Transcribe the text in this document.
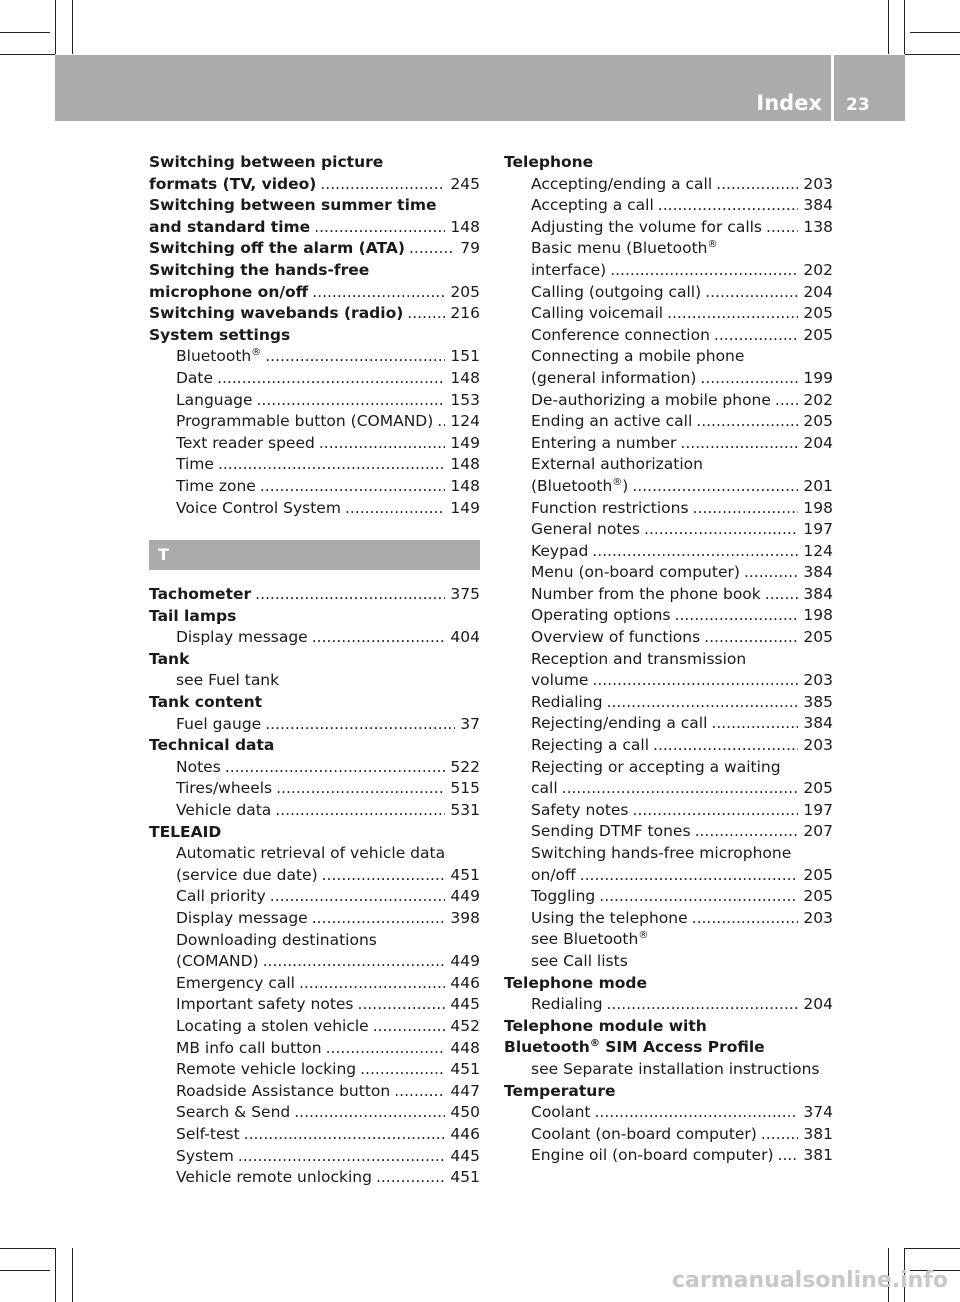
Index 23
Switching between picture
formats (TV, video) .....	245
Switching between summer time
and standard time .....	148
Switching off the alarm (ATA) .....	79
Switching the hands-free
microphone on/off .....	205
Switching wavebands (radio) .....	216
System settings
Bluetooth® .....	151
Date .....	148
Language .....	153
Programmable button (COMAND) ..... 124
Text reader speed .....	149
Time .....	148
Time zone .....	148
Voice Control System .....	149
T
Tachometer .....	375
Tail lamps
Display message .....	404
Tank
see Fuel tank
Tank content
Fuel gauge .....	37
Technical data
Notes .....	522
Tires/wheels .....	515
Vehicle data .....	531
TELEAID
Automatic retrieval of vehicle data
(service due date) .....	451
Call priority .....	449
Display message .....	398
Downloading destinations
(COMAND) .....	449
Emergency call .....	446
Important safety notes .....	445
Locating a stolen vehicle .....	452
MB info call button .....	448
Remote vehicle locking .....	451
Roadside Assistance button .....	447
Search & Send .....	450
Self-test .....	446
System .....	445
Vehicle remote unlocking .....	451
Telephone
Accepting/ending a call .....	203
Accepting a call .....	384
Adjusting the volume for calls .....	138
Basic menu (Bluetooth®
interface) .....	202
Calling (outgoing call) .....	204
Calling voicemail .....	205
Conference connection .....	205
Connecting a mobile phone
(general information) .....	199
De-authorizing a mobile phone ..... 202
Ending an active call .....	205
Entering a number .....	204
External authorization
(Bluetooth®) .....	201
Function restrictions .....	198
General notes .....	197
Keypad .....	124
Menu (on-board computer) .....	384
Number from the phone book .....	384
Operating options .....	198
Overview of functions .....	205
Reception and transmission
volume .....	203
Redialing .....	385
Rejecting/ending a call .....	384
Rejecting a call .....	203
Rejecting or accepting a waiting
call .....	205
Safety notes .....	197
Sending DTMF tones .....	207
Switching hands-free microphone
on/off .....	205
Toggling .....	205
Using the telephone .....	203
see Bluetooth®
see Call lists
Telephone mode
Redialing .....	204
Telephone module with
Bluetooth® SIM Access Profile
see Separate installation instructions
Temperature
Coolant .....	374
Coolant (on-board computer) .....	381
Engine oil (on-board computer) ..... 381
carmanualsonline.info
